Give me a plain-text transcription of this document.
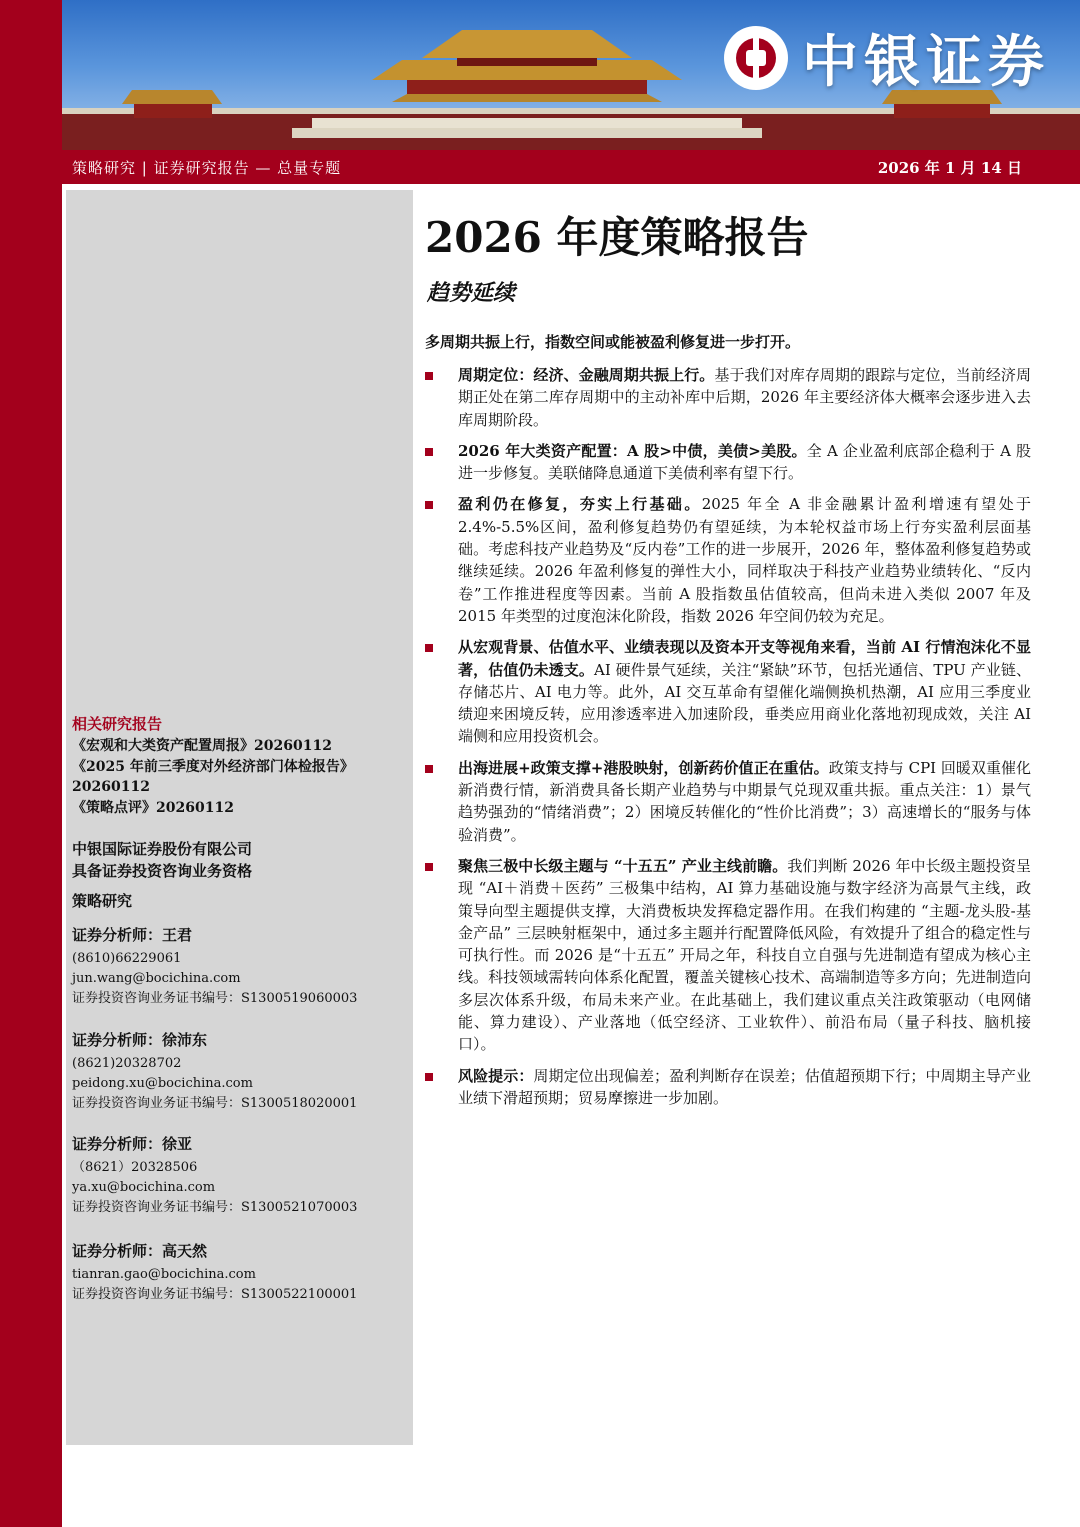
中银证券
策略研究 | 证券研究报告 — 总量专题	2026 年 1 月 14 日
相关研究报告
《宏观和大类资产配置周报》20260112
《2025 年前三季度对外经济部门体检报告》20260112
《策略点评》20260112
中银国际证券股份有限公司
具备证券投资咨询业务资格
策略研究
证券分析师：王君
(8610)66229061
jun.wang@bocichina.com
证券投资咨询业务证书编号：S1300519060003
证券分析师：徐沛东
(8621)20328702
peidong.xu@bocichina.com
证券投资咨询业务证书编号：S1300518020001
证券分析师：徐亚
（8621）20328506
ya.xu@bocichina.com
证券投资咨询业务证书编号：S1300521070003
证券分析师：高天然
tianran.gao@bocichina.com
证券投资咨询业务证书编号：S1300522100001
2026 年度策略报告
趋势延续
多周期共振上行，指数空间或能被盈利修复进一步打开。
周期定位：经济、金融周期共振上行。基于我们对库存周期的跟踪与定位，当前经济周期正处在第二库存周期中的主动补库中后期，2026 年主要经济体大概率会逐步进入去库周期阶段。
2026 年大类资产配置：A 股>中债，美债>美股。全 A 企业盈利底部企稳利于 A 股进一步修复。美联储降息通道下美债利率有望下行。
盈利仍在修复，夯实上行基础。2025 年全 A 非金融累计盈利增速有望处于 2.4%-5.5%区间，盈利修复趋势仍有望延续，为本轮权益市场上行夯实盈利层面基础。考虑科技产业趋势及“反内卷”工作的进一步展开，2026 年，整体盈利修复趋势或继续延续。2026 年盈利修复的弹性大小，同样取决于科技产业趋势业绩转化、“反内卷”工作推进程度等因素。当前 A 股指数虽估值较高，但尚未进入类似 2007 年及 2015 年类型的过度泡沫化阶段，指数 2026 年空间仍较为充足。
从宏观背景、估值水平、业绩表现以及资本开支等视角来看，当前 AI 行情泡沫化不显著，估值仍未透支。AI 硬件景气延续，关注“紧缺”环节，包括光通信、TPU 产业链、存储芯片、AI 电力等。此外，AI 交互革命有望催化端侧换机热潮，AI 应用三季度业绩迎来困境反转，应用渗透率进入加速阶段，垂类应用商业化落地初现成效，关注 AI 端侧和应用投资机会。
出海进展+政策支撑+港股映射，创新药价值正在重估。政策支持与 CPI 回暖双重催化新消费行情，新消费具备长期产业趋势与中期景气兑现双重共振。重点关注：1）景气趋势强劲的“情绪消费”；2）困境反转催化的“性价比消费”；3）高速增长的“服务与体验消费”。
聚焦三极中长级主题与 “十五五” 产业主线前瞻。我们判断 2026 年中长级主题投资呈现 “AI＋消费＋医药” 三极集中结构，AI 算力基础设施与数字经济为高景气主线，政策导向型主题提供支撑，大消费板块发挥稳定器作用。在我们构建的 “主题-龙头股-基金产品” 三层映射框架中，通过多主题并行配置降低风险，有效提升了组合的稳定性与可执行性。而 2026 是“十五五” 开局之年，科技自立自强与先进制造有望成为核心主线。科技领域需转向体系化配置，覆盖关键核心技术、高端制造等多方向；先进制造向多层次体系升级，布局未来产业。在此基础上，我们建议重点关注政策驱动（电网储能、算力建设）、产业落地（低空经济、工业软件）、前沿布局（量子科技、脑机接口）。
风险提示：周期定位出现偏差；盈利判断存在误差；估值超预期下行；中周期主导产业业绩下滑超预期；贸易摩擦进一步加剧。
